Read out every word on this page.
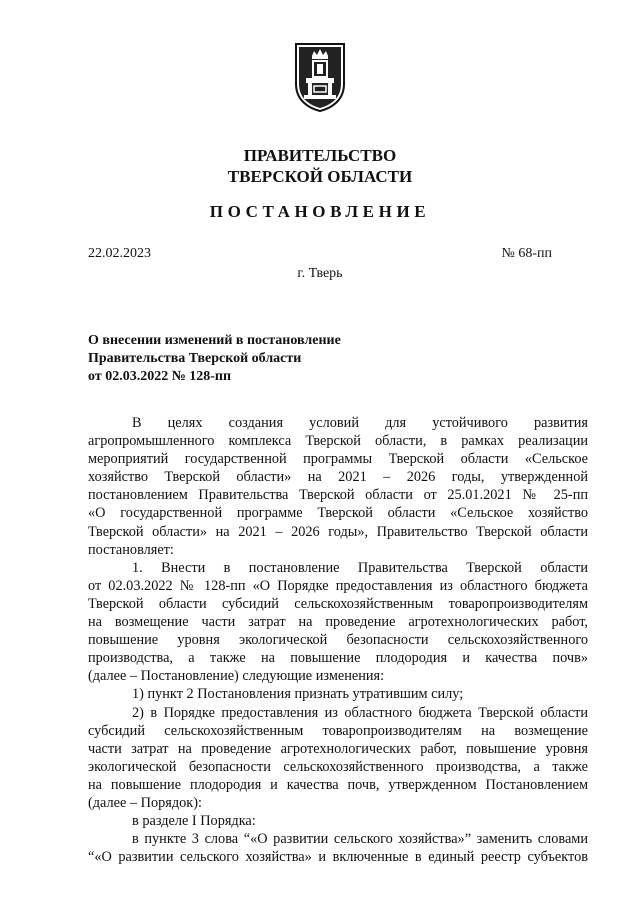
ПРАВИТЕЛЬСТВО
ТВЕРСКОЙ ОБЛАСТИ
ПОСТАНОВЛЕНИЕ
22.02.2023	№ 68-пп
г. Тверь
О внесении изменений в постановление
Правительства Тверской области
от 02.03.2022 № 128-пп
В целях создания условий для устойчивого развития
агропромышленного комплекса Тверской области, в рамках реализации
мероприятий государственной программы Тверской области «Сельское
хозяйство Тверской области» на 2021 – 2026 годы, утвержденной
постановлением Правительства Тверской области от 25.01.2021 № 25-пп
«О государственной программе Тверской области «Сельское хозяйство
Тверской области» на 2021 – 2026 годы», Правительство Тверской области
постановляет:
1. Внести в постановление Правительства Тверской области
от 02.03.2022 № 128-пп «О Порядке предоставления из областного бюджета
Тверской области субсидий сельскохозяйственным товаропроизводителям
на возмещение части затрат на проведение агротехнологических работ,
повышение уровня экологической безопасности сельскохозяйственного
производства, а также на повышение плодородия и качества почв»
(далее – Постановление) следующие изменения:
1) пункт 2 Постановления признать утратившим силу;
2) в Порядке предоставления из областного бюджета Тверской области
субсидий сельскохозяйственным товаропроизводителям на возмещение
части затрат на проведение агротехнологических работ, повышение уровня
экологической безопасности сельскохозяйственного производства, а также
на повышение плодородия и качества почв, утвержденном Постановлением
(далее – Порядок):
в разделе I Порядка:
в пункте 3 слова “«О развитии сельского хозяйства»” заменить словами
“«О развитии сельского хозяйства» и включенные в единый реестр субъектов
